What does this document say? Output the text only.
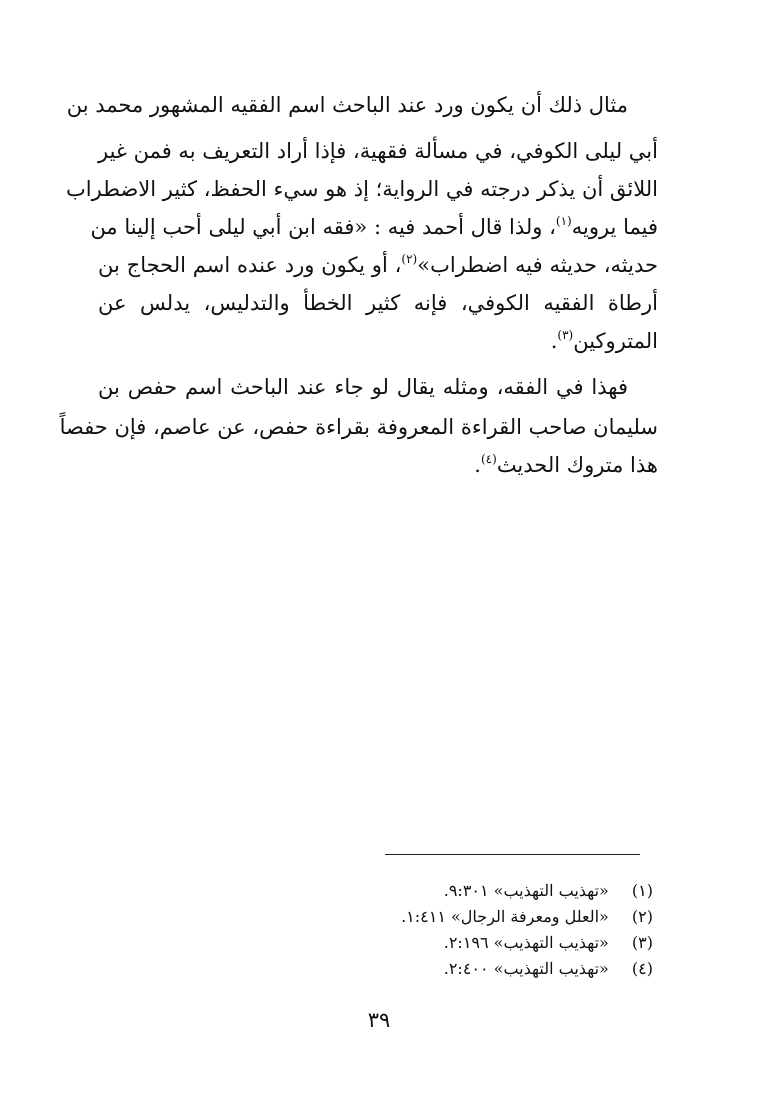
مثال ذلك أن يكون ورد عند الباحث اسم الفقيه المشهور محمد بن
أبي ليلى الكوفي، في مسألة فقهية، فإذا أراد التعريف به فمن غير
اللائق أن يذكر درجته في الرواية؛ إذ هو سيء الحفظ، كثير الاضطراب
فيما يرويه$^{(١)}$، ولذا قال أحمد فيه : «فقه ابن أبي ليلى أحب إلينا من
حديثه، حديثه فيه اضطراب»$^{(٢)}$، أو يكون ورد عنده اسم الحجاج بن
أرطاة الفقيه الكوفي، فإنه كثير الخطأ والتدليس، يدلس عن
المتروكين$^{(٣)}$.
فهذا في الفقه، ومثله يقال لو جاء عند الباحث اسم حفص بن
سليمان صاحب القراءة المعروفة بقراءة حفص، عن عاصم، فإن حفصاً
هذا متروك الحديث$^{(٤)}$.
(١)  «تهذيب التهذيب» ٩:٣٠١.
(٢)  «العلل ومعرفة الرجال» ١:٤١١.
(٣)  «تهذيب التهذيب» ٢:١٩٦.
(٤)  «تهذيب التهذيب» ٢:٤٠٠.
٣٩
